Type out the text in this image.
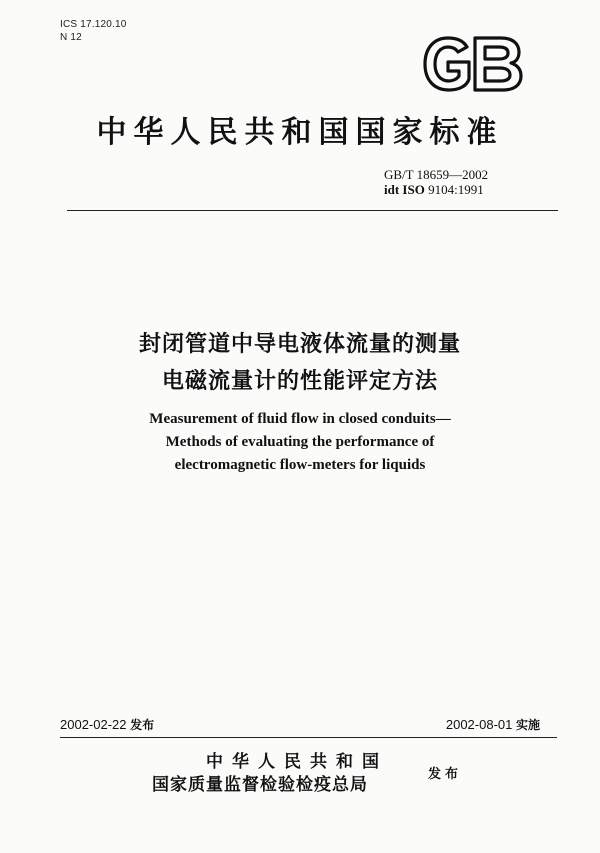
ICS 17.120.10
N 12
中华人民共和国国家标准
GB/T 18659—2002
idt ISO 9104:1991
封闭管道中导电液体流量的测量
电磁流量计的性能评定方法
Measurement of fluid flow in closed conduits—
Methods of evaluating the performance of
electromagnetic flow-meters for liquids
2002-02-22 发布	2002-08-01 实施
中华人民共和国
国家质量监督检验检疫总局
发布
